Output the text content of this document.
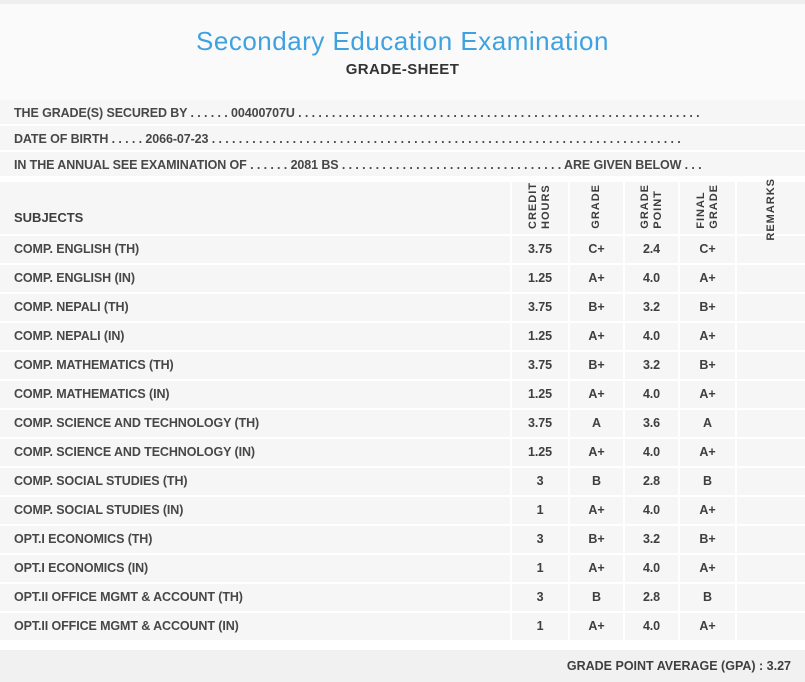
Secondary Education Examination
GRADE-SHEET
THE GRADE(S) SECURED BY . . . . . . 00400707U . . . . . . . . . . . . . . . . . . . . . . . . . . . . . . . . . . . . . . . . . . . . . . . . . . . . . . . . . . . .
DATE OF BIRTH . . . . . 2066-07-23 . . . . . . . . . . . . . . . . . . . . . . . . . . . . . . . . . . . . . . . . . . . . . . . . . . . . . . . . . . . . . . . . . . . . . .
IN THE ANNUAL SEE EXAMINATION OF . . . . . . 2081 BS . . . . . . . . . . . . . . . . . . . . . . . . . . . . . . . . . ARE GIVEN BELOW . . .
SUBJECTS	CREDIT HOURS	GRADE	GRADE POINT	FINAL GRADE	REMARKS
COMP. ENGLISH (TH)	3.75	C+	2.4	C+
COMP. ENGLISH (IN)	1.25	A+	4.0	A+
COMP. NEPALI (TH)	3.75	B+	3.2	B+
COMP. NEPALI (IN)	1.25	A+	4.0	A+
COMP. MATHEMATICS (TH)	3.75	B+	3.2	B+
COMP. MATHEMATICS (IN)	1.25	A+	4.0	A+
COMP. SCIENCE AND TECHNOLOGY (TH)	3.75	A	3.6	A
COMP. SCIENCE AND TECHNOLOGY (IN)	1.25	A+	4.0	A+
COMP. SOCIAL STUDIES (TH)	3	B	2.8	B
COMP. SOCIAL STUDIES (IN)	1	A+	4.0	A+
OPT.I ECONOMICS (TH)	3	B+	3.2	B+
OPT.I ECONOMICS (IN)	1	A+	4.0	A+
OPT.II OFFICE MGMT & ACCOUNT (TH)	3	B	2.8	B
OPT.II OFFICE MGMT & ACCOUNT (IN)	1	A+	4.0	A+
GRADE POINT AVERAGE (GPA) : 3.27
